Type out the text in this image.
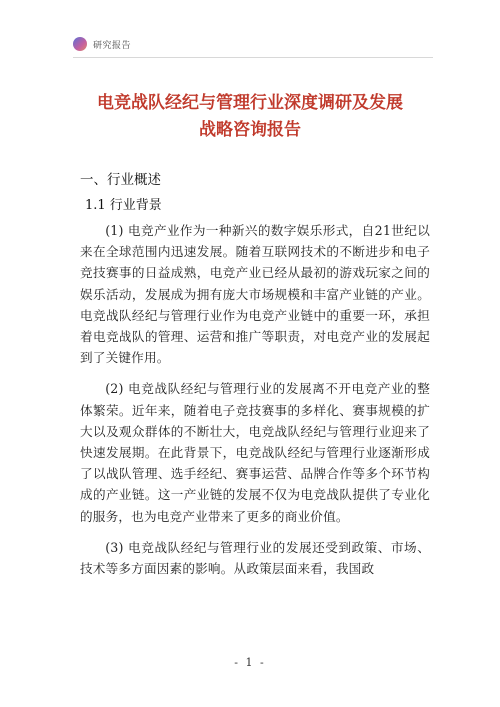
研究报告
电竞战队经纪与管理行业深度调研及发展
战略咨询报告
一、行业概述
1.1 行业背景

(1) 电竞产业作为一种新兴的数字娱乐形式，自21世纪以来在全球范围内迅速发展。随着互联网技术的不断进步和电子竞技赛事的日益成熟，电竞产业已经从最初的游戏玩家之间的娱乐活动，发展成为拥有庞大市场规模和丰富产业链的产业。电竞战队经纪与管理行业作为电竞产业链中的重要一环，承担着电竞战队的管理、运营和推广等职责，对电竞产业的发展起到了关键作用。

(2) 电竞战队经纪与管理行业的发展离不开电竞产业的整体繁荣。近年来，随着电子竞技赛事的多样化、赛事规模的扩大以及观众群体的不断壮大，电竞战队经纪与管理行业迎来了快速发展期。在此背景下，电竞战队经纪与管理行业逐渐形成了以战队管理、选手经纪、赛事运营、品牌合作等多个环节构成的产业链。这一产业链的发展不仅为电竞战队提供了专业化的服务，也为电竞产业带来了更多的商业价值。

(3) 电竞战队经纪与管理行业的发展还受到政策、市场、技术等多方面因素的影响。从政策层面来看，我国政

- 1 -
